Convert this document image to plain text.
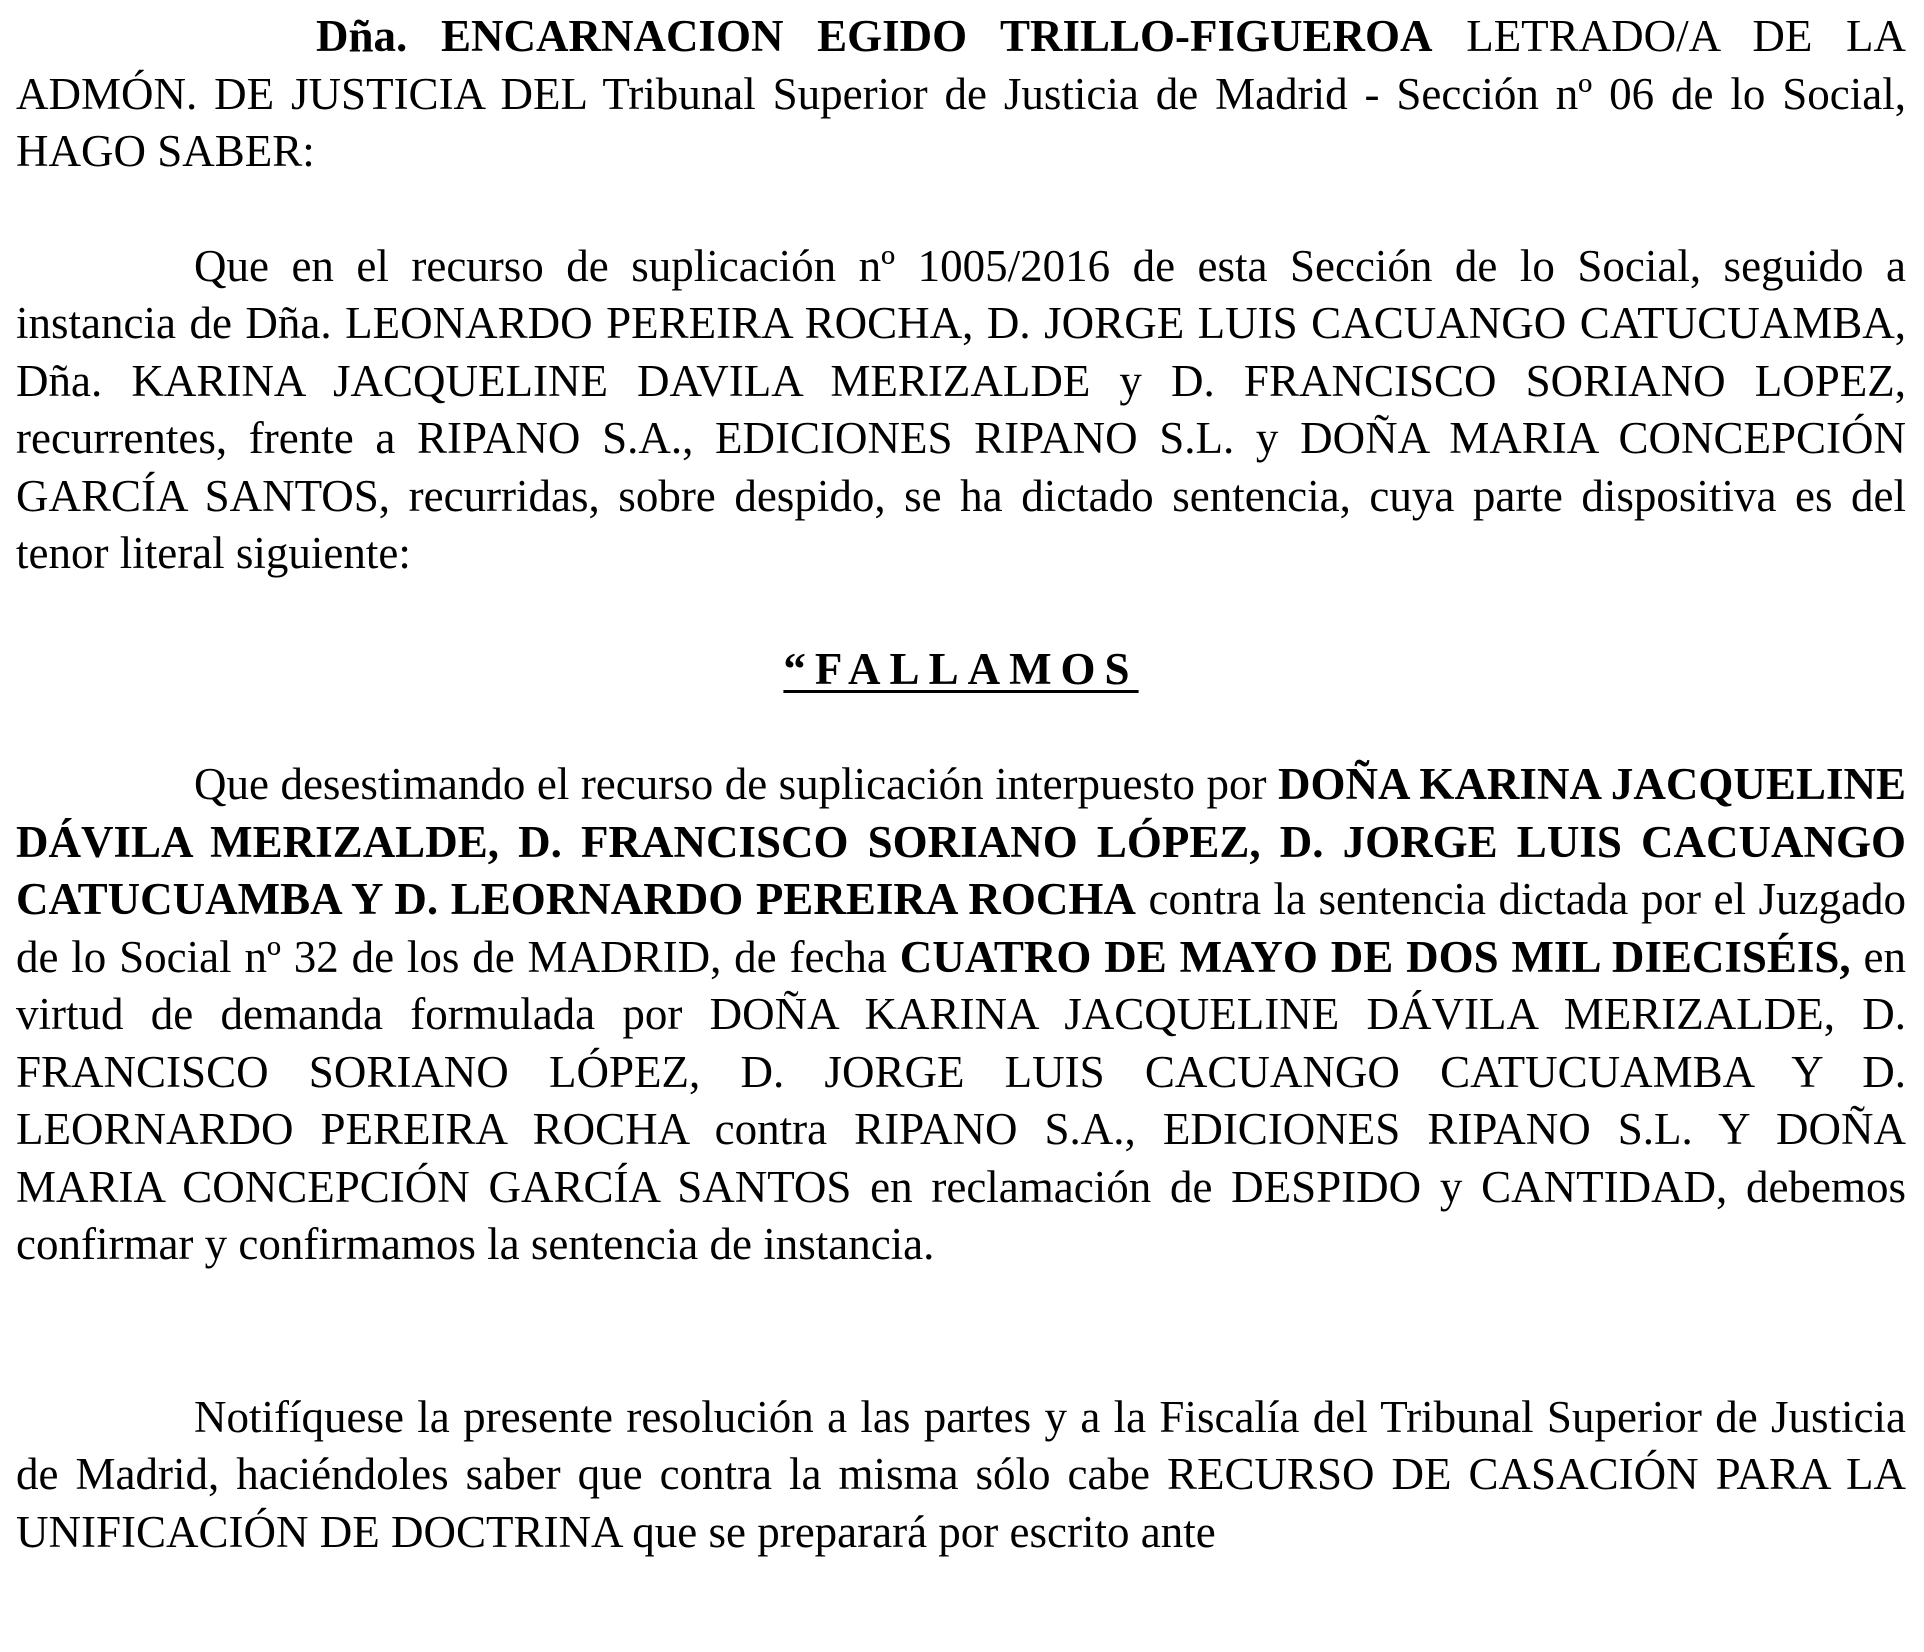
Dña. ENCARNACION EGIDO TRILLO-FIGUEROA LETRADO/A DE LA ADMÓN. DE JUSTICIA DEL Tribunal Superior de Justicia de Madrid - Sección nº 06 de lo Social, HAGO SABER:

Que en el recurso de suplicación nº 1005/2016 de esta Sección de lo Social, seguido a instancia de Dña. LEONARDO PEREIRA ROCHA, D. JORGE LUIS CACUANGO CATUCUAMBA, Dña. KARINA JACQUELINE DAVILA MERIZALDE y D. FRANCISCO SORIANO LOPEZ, recurrentes, frente a RIPANO S.A., EDICIONES RIPANO S.L. y DOÑA MARIA CONCEPCIÓN GARCÍA SANTOS, recurridas, sobre despido, se ha dictado sentencia, cuya parte dispositiva es del tenor literal siguiente:

“FALLAMOS

Que desestimando el recurso de suplicación interpuesto por DOÑA KARINA JACQUELINE DÁVILA MERIZALDE, D. FRANCISCO SORIANO LÓPEZ, D. JORGE LUIS CACUANGO CATUCUAMBA Y D. LEORNARDO PEREIRA ROCHA contra la sentencia dictada por el Juzgado de lo Social nº 32 de los de MADRID, de fecha CUATRO DE MAYO DE DOS MIL DIECISÉIS, en virtud de demanda formulada por DOÑA KARINA JACQUELINE DÁVILA MERIZALDE, D. FRANCISCO SORIANO LÓPEZ, D. JORGE LUIS CACUANGO CATUCUAMBA Y D. LEORNARDO PEREIRA ROCHA contra RIPANO S.A., EDICIONES RIPANO S.L. Y DOÑA MARIA CONCEPCIÓN GARCÍA SANTOS en reclamación de DESPIDO y CANTIDAD, debemos confirmar y confirmamos la sentencia de instancia.

Notifíquese la presente resolución a las partes y a la Fiscalía del Tribunal Superior de Justicia de Madrid, haciéndoles saber que contra la misma sólo cabe RECURSO DE CASACIÓN PARA LA UNIFICACIÓN DE DOCTRINA que se preparará por escrito ante
